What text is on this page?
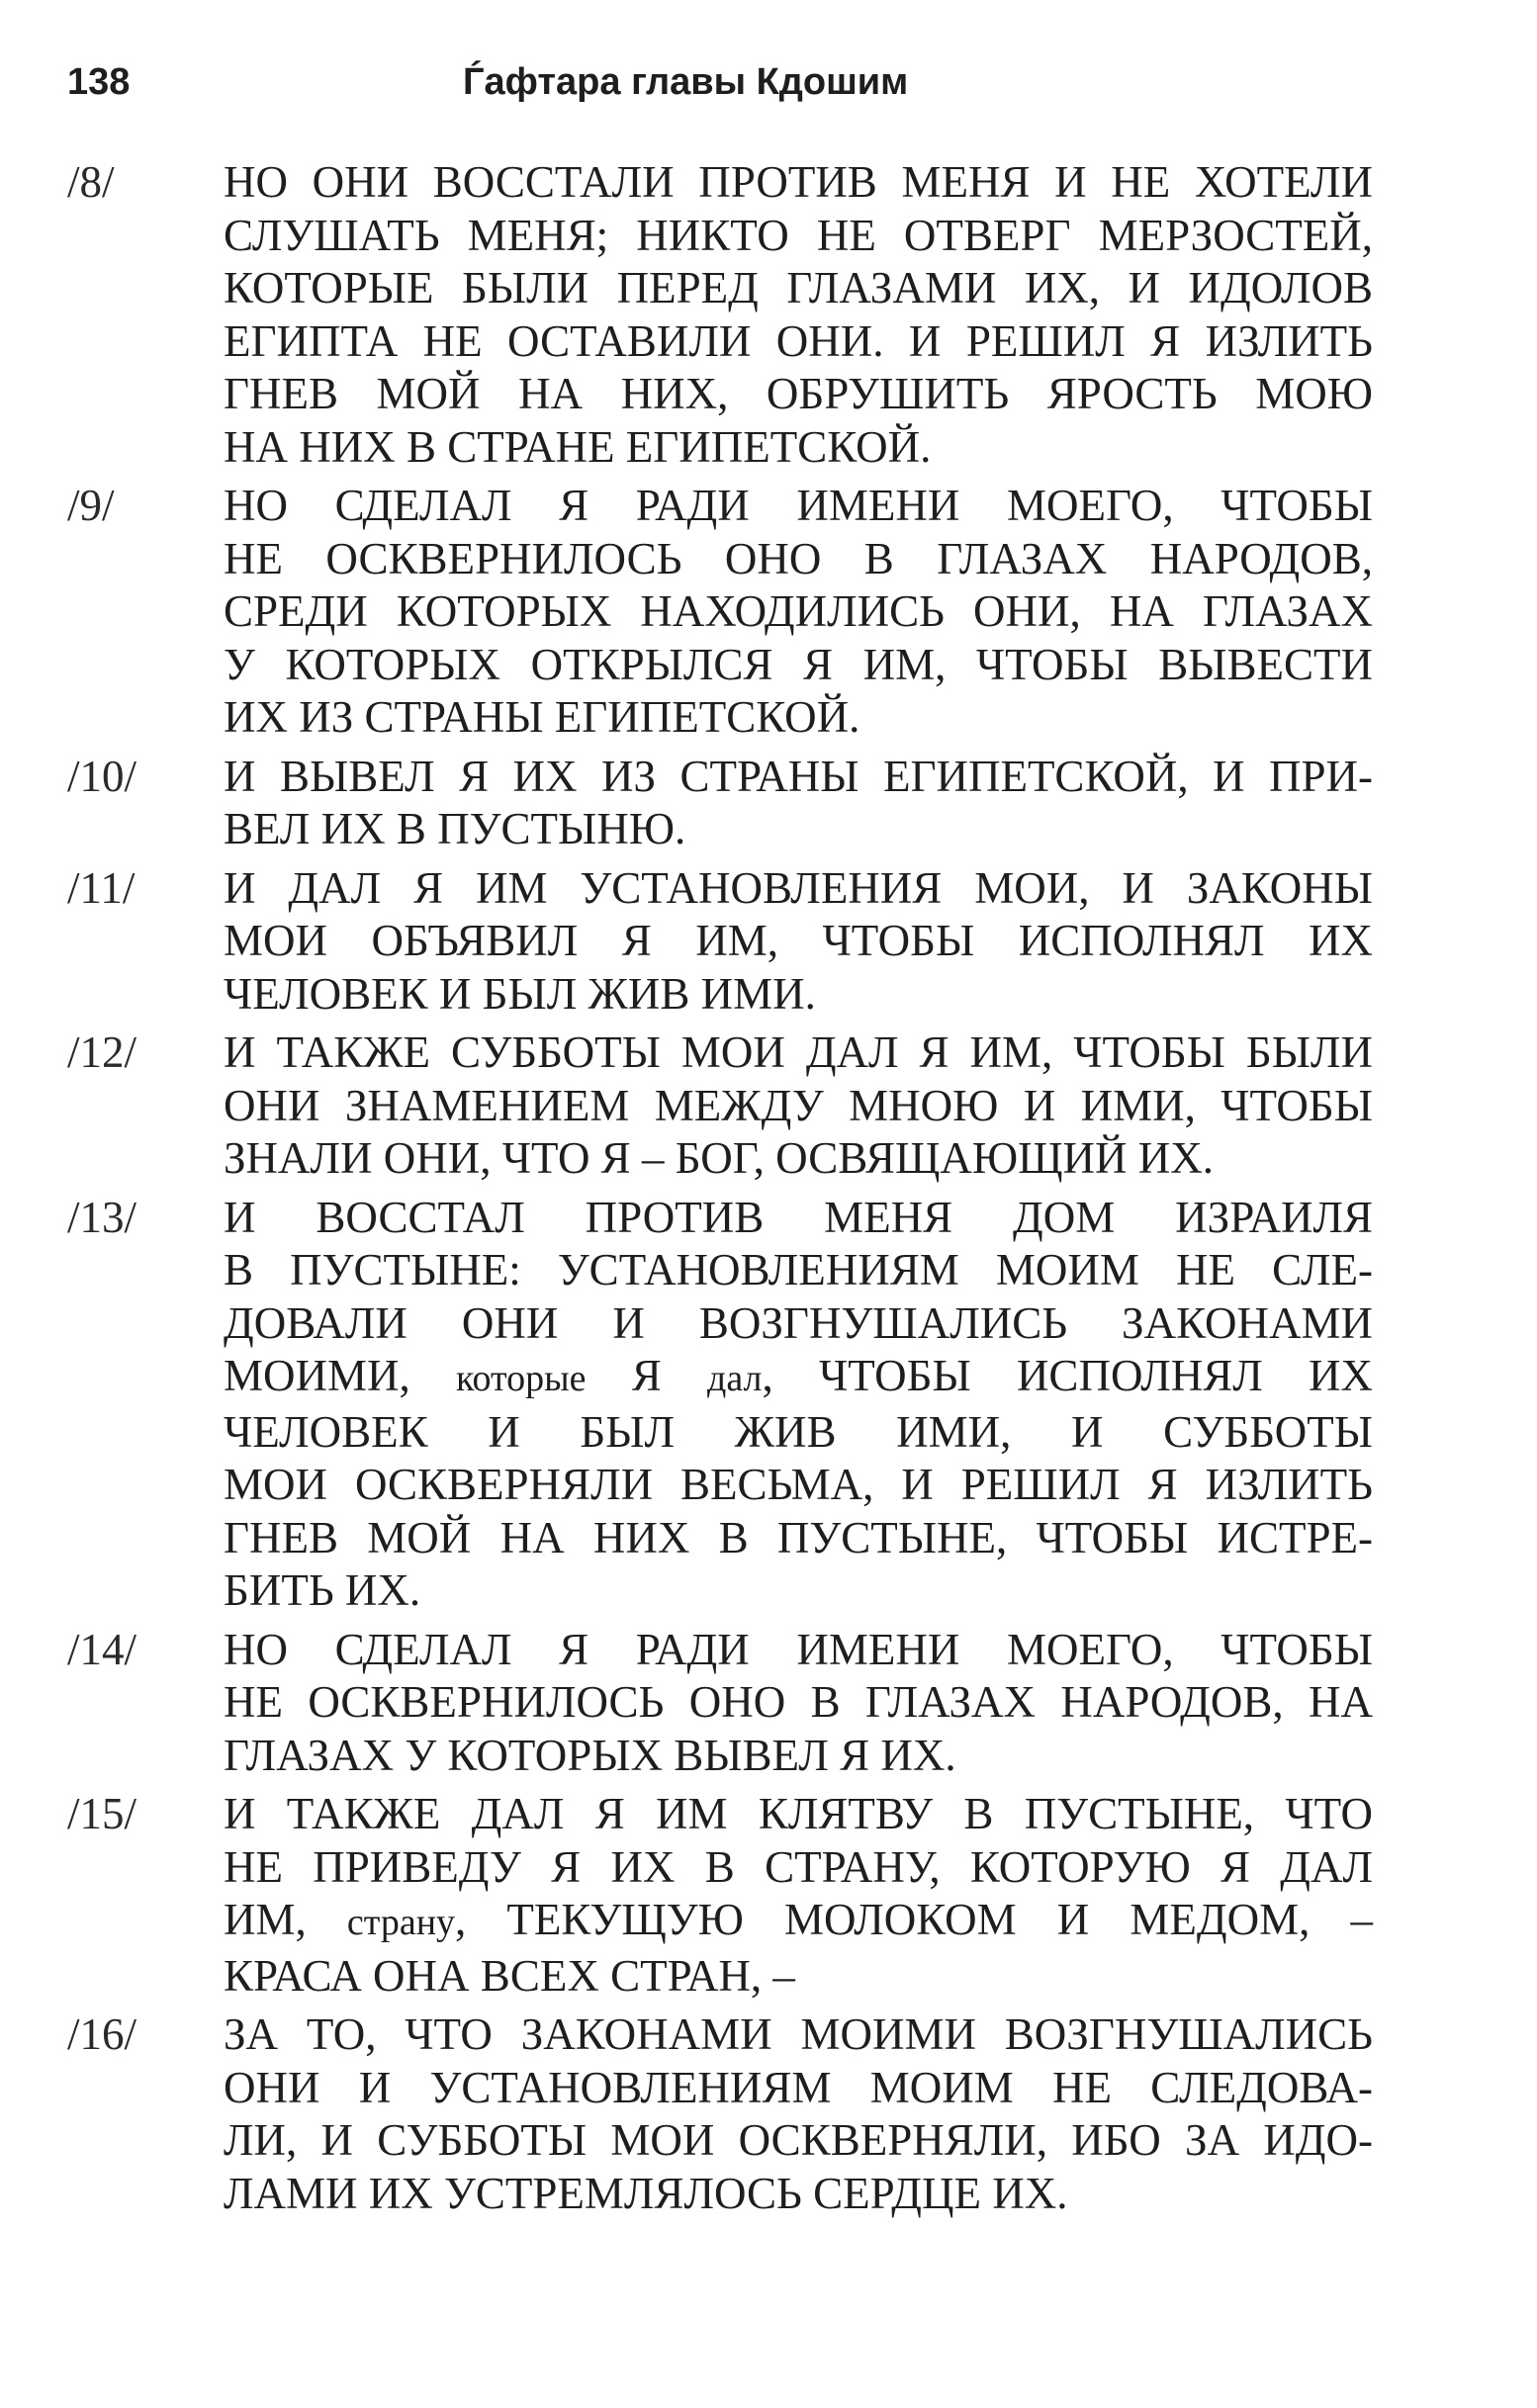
138	Ѓафтара главы Кдошим
/8/ НО ОНИ ВОССТАЛИ ПРОТИВ МЕНЯ И НЕ ХОТЕЛИ
СЛУШАТЬ МЕНЯ; НИКТО НЕ ОТВЕРГ МЕРЗОСТЕЙ,
КОТОРЫЕ БЫЛИ ПЕРЕД ГЛАЗАМИ ИХ, И ИДОЛОВ
ЕГИПТА НЕ ОСТАВИЛИ ОНИ. И РЕШИЛ Я ИЗЛИТЬ
ГНЕВ МОЙ НА НИХ, ОБРУШИТЬ ЯРОСТЬ МОЮ
НА НИХ В СТРАНЕ ЕГИПЕТСКОЙ.

/9/ НО СДЕЛАЛ Я РАДИ ИМЕНИ МОЕГО, ЧТОБЫ
НЕ ОСКВЕРНИЛОСЬ ОНО В ГЛАЗАХ НАРОДОВ,
СРЕДИ КОТОРЫХ НАХОДИЛИСЬ ОНИ, НА ГЛАЗАХ
У КОТОРЫХ ОТКРЫЛСЯ Я ИМ, ЧТОБЫ ВЫВЕСТИ
ИХ ИЗ СТРАНЫ ЕГИПЕТСКОЙ.

/10/ И ВЫВЕЛ Я ИХ ИЗ СТРАНЫ ЕГИПЕТСКОЙ, И ПРИ-
ВЕЛ ИХ В ПУСТЫНЮ.

/11/ И ДАЛ Я ИМ УСТАНОВЛЕНИЯ МОИ, И ЗАКОНЫ
МОИ ОБЪЯВИЛ Я ИМ, ЧТОБЫ ИСПОЛНЯЛ ИХ
ЧЕЛОВЕК И БЫЛ ЖИВ ИМИ.

/12/ И ТАКЖЕ СУББОТЫ МОИ ДАЛ Я ИМ, ЧТОБЫ БЫЛИ
ОНИ ЗНАМЕНИЕМ МЕЖДУ МНОЮ И ИМИ, ЧТОБЫ
ЗНАЛИ ОНИ, ЧТО Я – БОГ, ОСВЯЩАЮЩИЙ ИХ.

/13/ И ВОССТАЛ ПРОТИВ МЕНЯ ДОМ ИЗРАИЛЯ
В ПУСТЫНЕ: УСТАНОВЛЕНИЯМ МОИМ НЕ СЛЕ-
ДОВАЛИ ОНИ И ВОЗГНУШАЛИСЬ ЗАКОНАМИ
МОИМИ, которые Я дал, ЧТОБЫ ИСПОЛНЯЛ ИХ
ЧЕЛОВЕК И БЫЛ ЖИВ ИМИ, И СУББОТЫ
МОИ ОСКВЕРНЯЛИ ВЕСЬМА, И РЕШИЛ Я ИЗЛИТЬ
ГНЕВ МОЙ НА НИХ В ПУСТЫНЕ, ЧТОБЫ ИСТРЕ-
БИТЬ ИХ.

/14/ НО СДЕЛАЛ Я РАДИ ИМЕНИ МОЕГО, ЧТОБЫ
НЕ ОСКВЕРНИЛОСЬ ОНО В ГЛАЗАХ НАРОДОВ, НА
ГЛАЗАХ У КОТОРЫХ ВЫВЕЛ Я ИХ.

/15/ И ТАКЖЕ ДАЛ Я ИМ КЛЯТВУ В ПУСТЫНЕ, ЧТО
НЕ ПРИВЕДУ Я ИХ В СТРАНУ, КОТОРУЮ Я ДАЛ
ИМ, страну, ТЕКУЩУЮ МОЛОКОМ И МЕДОМ, –
КРАСА ОНА ВСЕХ СТРАН, –

/16/ ЗА ТО, ЧТО ЗАКОНАМИ МОИМИ ВОЗГНУШАЛИСЬ
ОНИ И УСТАНОВЛЕНИЯМ МОИМ НЕ СЛЕДОВА-
ЛИ, И СУББОТЫ МОИ ОСКВЕРНЯЛИ, ИБО ЗА ИДО-
ЛАМИ ИХ УСТРЕМЛЯЛОСЬ СЕРДЦЕ ИХ.
